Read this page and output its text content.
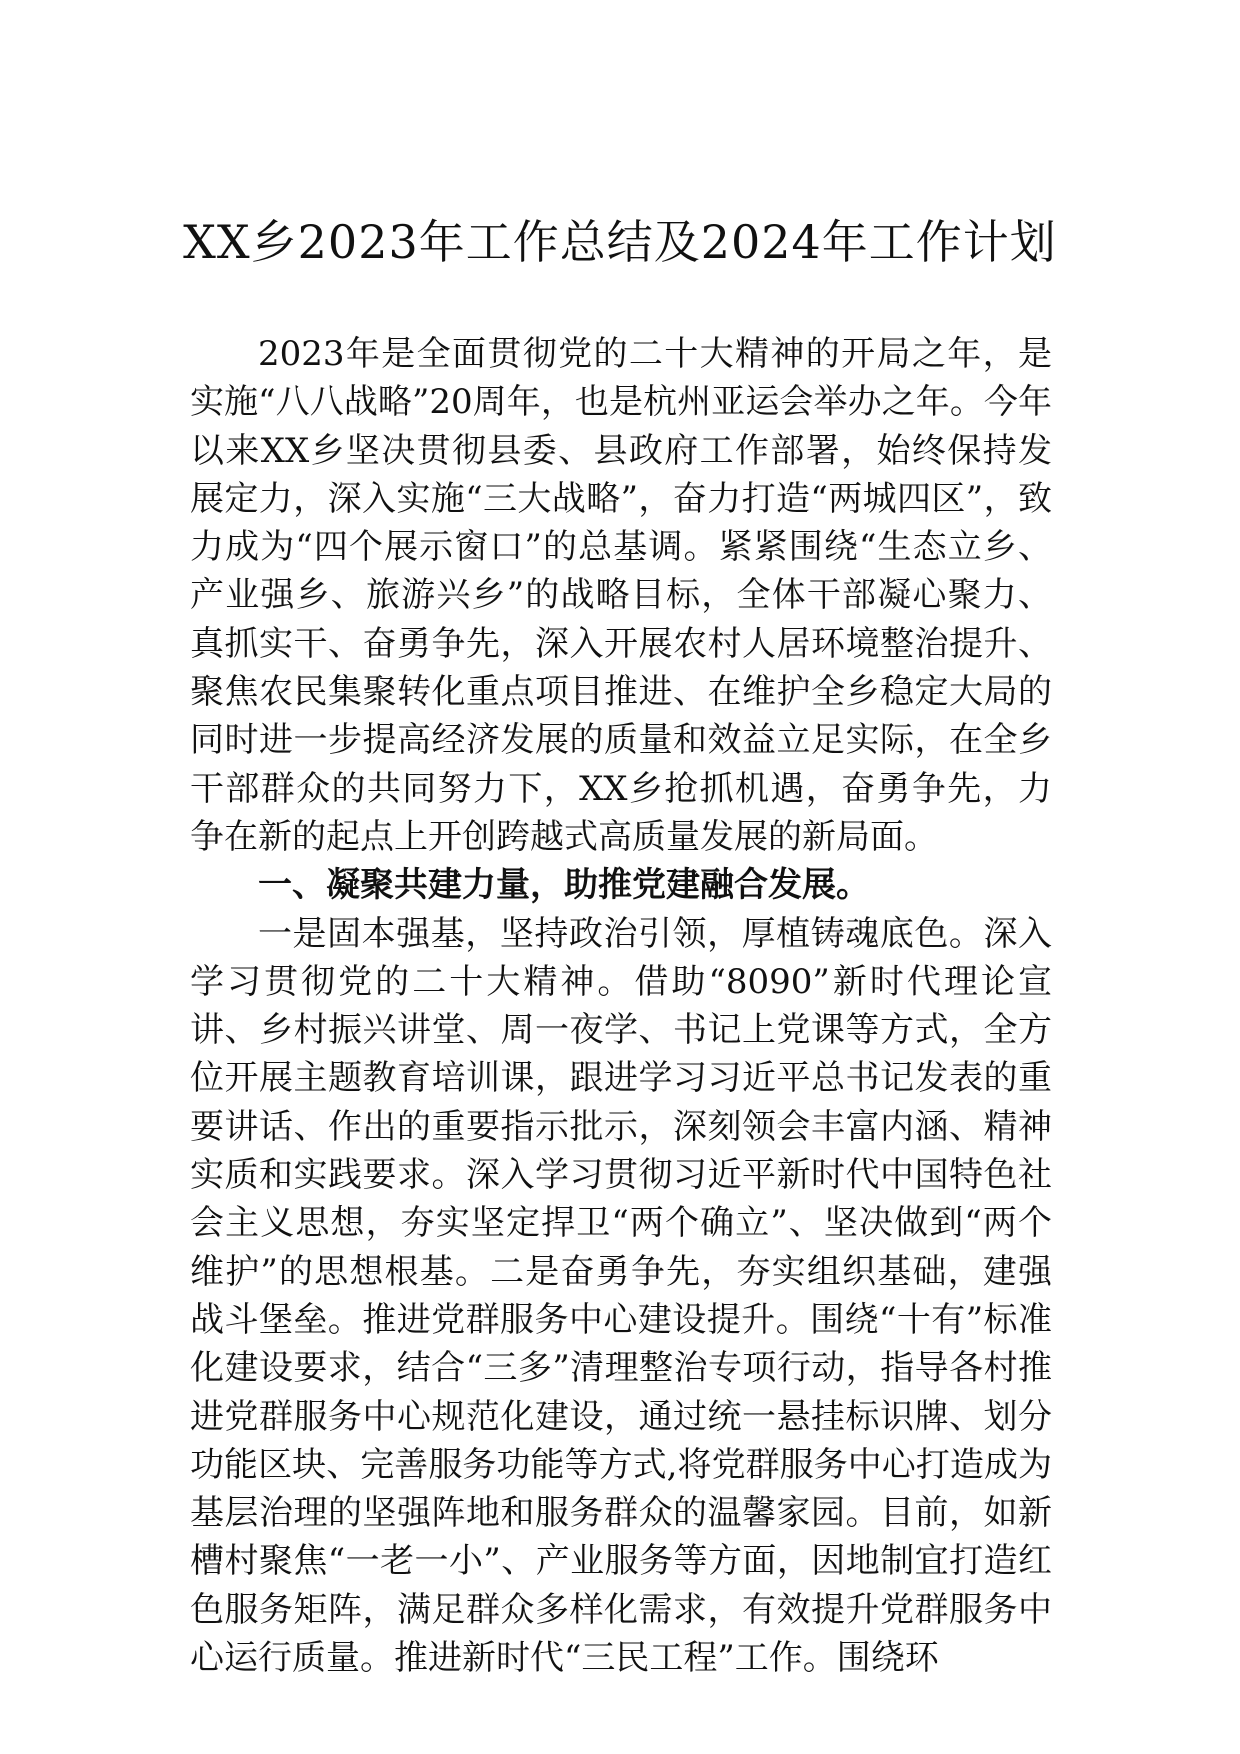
XX乡2023年工作总结及2024年工作计划

2023年是全面贯彻党的二十大精神的开局之年，是实施“八八战略”20周年，也是杭州亚运会举办之年。今年以来XX乡坚决贯彻县委、县政府工作部署，始终保持发展定力，深入实施“三大战略”，奋力打造“两城四区”，致力成为“四个展示窗口”的总基调。紧紧围绕“生态立乡、产业强乡、旅游兴乡”的战略目标，全体干部凝心聚力、真抓实干、奋勇争先，深入开展农村人居环境整治提升、聚焦农民集聚转化重点项目推进、在维护全乡稳定大局的同时进一步提高经济发展的质量和效益立足实际，在全乡干部群众的共同努力下，XX乡抢抓机遇，奋勇争先，力争在新的起点上开创跨越式高质量发展的新局面。

一、凝聚共建力量，助推党建融合发展。

一是固本强基，坚持政治引领，厚植铸魂底色。深入学习贯彻党的二十大精神。借助“8090”新时代理论宣讲、乡村振兴讲堂、周一夜学、书记上党课等方式，全方位开展主题教育培训课，跟进学习习近平总书记发表的重要讲话、作出的重要指示批示，深刻领会丰富内涵、精神实质和实践要求。深入学习贯彻习近平新时代中国特色社会主义思想，夯实坚定捍卫“两个确立”、坚决做到“两个维护”的思想根基。二是奋勇争先，夯实组织基础，建强战斗堡垒。推进党群服务中心建设提升。围绕“十有”标准化建设要求，结合“三多”清理整治专项行动，指导各村推进党群服务中心规范化建设，通过统一悬挂标识牌、划分功能区块、完善服务功能等方式,将党群服务中心打造成为基层治理的坚强阵地和服务群众的温馨家园。目前，如新槽村聚焦“一老一小”、产业服务等方面，因地制宜打造红色服务矩阵，满足群众多样化需求，有效提升党群服务中心运行质量。推进新时代“三民工程”工作。围绕环
